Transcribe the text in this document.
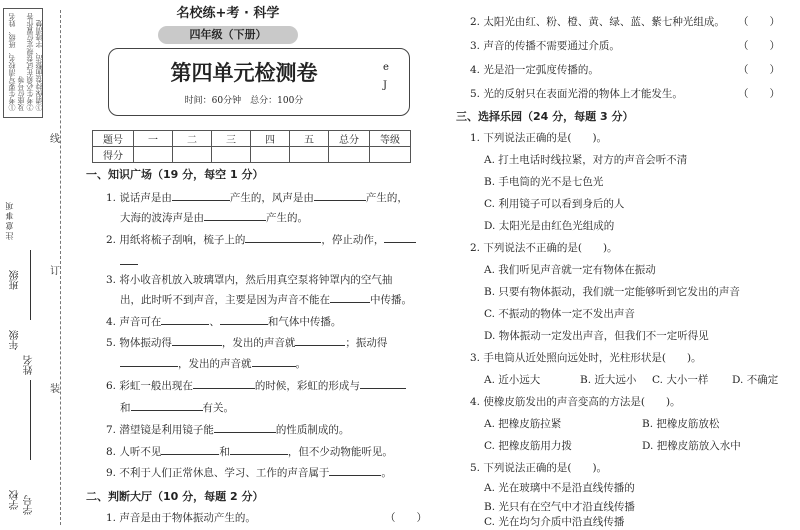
①考生要写清校名、班级、姓名及座位号等 ②考生必须在试卷规定位置作答 ③请保持卷面整洁、字迹清楚
注意事项
年级
班级
姓名
学校 学号
线
订
装
名校练+考 · 科学
四年级（下册）
第四单元检测卷
时间：60分钟　总分：100分
e
J
题号	一	二	三	四	五	总分	等级
得分							
一、知识广场（19 分，每空 1 分）
1. 说话声是由	产生的，风声是由	产生的，
大海的波涛声是由	产生的。
2. 用纸将梳子刮响，梳子上的	，停止动作，
3. 将小收音机放入玻璃罩内，然后用真空泵将钟罩内的空气抽
出，此时听不到声音，主要是因为声音不能在	中传播。
4. 声音可在	、	和气体中传播。
5. 物体振动得	，发出的声音就	；振动得
，发出的声音就	。
6. 彩虹一般出现在	的时候，彩虹的形成与
和	有关。
7. 潜望镜是利用镜子能	的性质制成的。
8. 人听不见	和	，但不少动物能听见。
9. 不利于人们正常休息、学习、工作的声音属于	。
二、判断大厅（10 分，每题 2 分）
1. 声音是由于物体振动产生的。	（　　）
2. 太阳光由红、粉、橙、黄、绿、蓝、紫七种光组成。 （　　）
3. 声音的传播不需要通过介质。	（　　）
4. 光是沿一定弧度传播的。	（　　）
5. 光的反射只在表面光滑的物体上才能发生。	（　　）
三、选择乐园（24 分，每题 3 分）
1. 下列说法正确的是(　　)。
A. 打土电话时线拉紧，对方的声音会听不清
B. 手电筒的光不是七色光
C. 利用镜子可以看到身后的人
D. 太阳光是由红色光组成的
2. 下列说法不正确的是(　　)。
A. 我们听见声音就一定有物体在振动
B. 只要有物体振动，我们就一定能够听到它发出的声音
C. 不振动的物体一定不发出声音
D. 物体振动一定发出声音，但我们不一定听得见
3. 手电筒从近处照向远处时，光柱形状是(　　)。
A. 近小远大	B. 近大远小 C. 大小一样 D. 不确定
4. 使橡皮筋发出的声音变高的方法是(　　)。
A. 把橡皮筋拉紧	B. 把橡皮筋放松
C. 把橡皮筋用力拨	D. 把橡皮筋放入水中
5. 下列说法正确的是(　　)。
A. 光在玻璃中不是沿直线传播的
B. 光只有在空气中才沿直线传播
C. 光在均匀介质中沿直线传播
